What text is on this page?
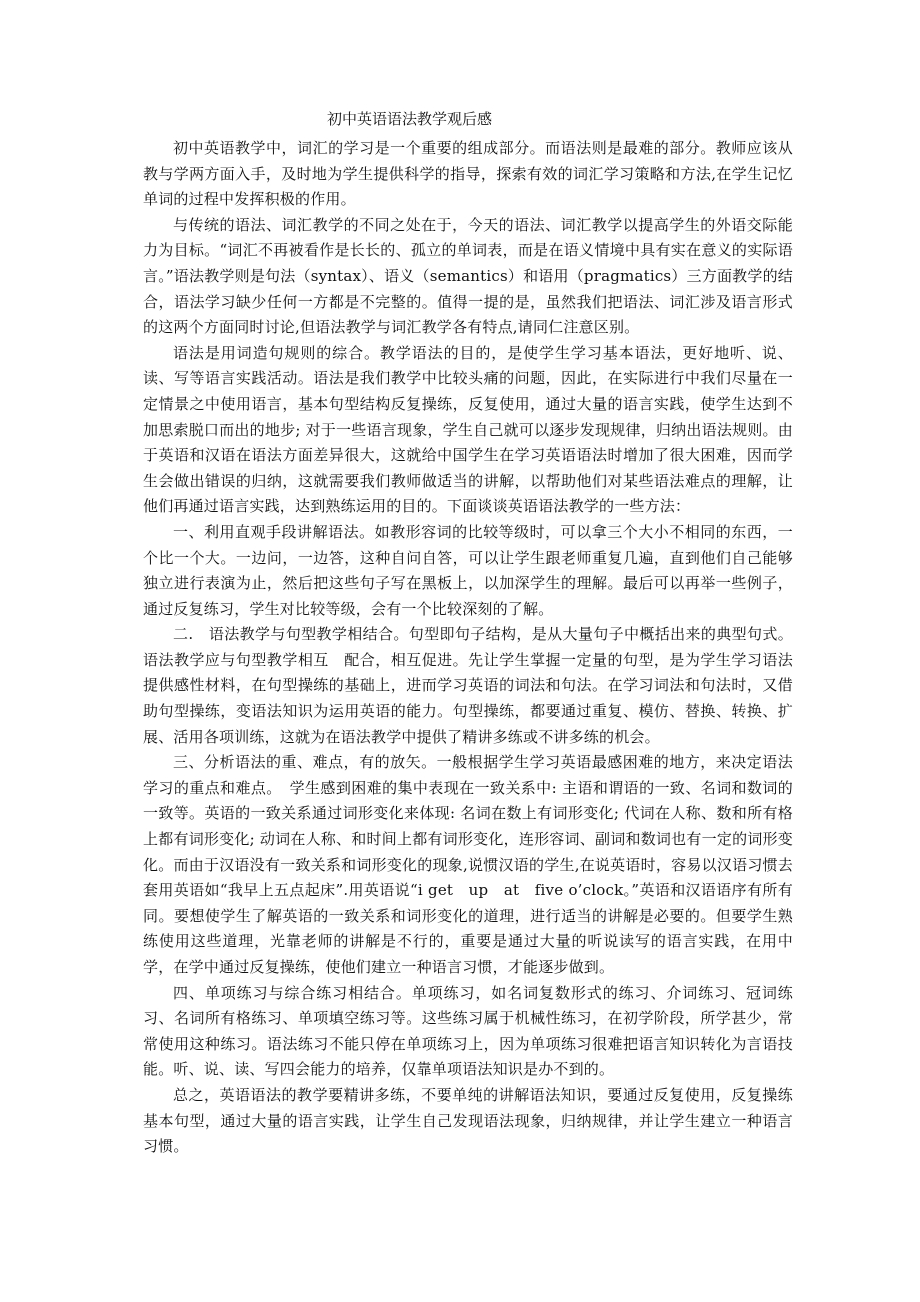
初中英语语法教学观后感

初中英语教学中，词汇的学习是一个重要的组成部分。而语法则是最难的部分。教师应该从教与学两方面入手，及时地为学生提供科学的指导，探索有效的词汇学习策略和方法,在学生记忆单词的过程中发挥积极的作用。

与传统的语法、词汇教学的不同之处在于，今天的语法、词汇教学以提高学生的外语交际能力为目标。“词汇不再被看作是长长的、孤立的单词表，而是在语义情境中具有实在意义的实际语言。”语法教学则是句法（syntax）、语义（semantics）和语用（pragmatics）三方面教学的结合，语法学习缺少任何一方都是不完整的。值得一提的是，虽然我们把语法、词汇涉及语言形式的这两个方面同时讨论,但语法教学与词汇教学各有特点,请同仁注意区别。

语法是用词造句规则的综合。教学语法的目的，是使学生学习基本语法，更好地听、说、读、写等语言实践活动。语法是我们教学中比较头痛的问题，因此，在实际进行中我们尽量在一定情景之中使用语言，基本句型结构反复操练，反复使用，通过大量的语言实践，使学生达到不加思索脱口而出的地步; 对于一些语言现象，学生自己就可以逐步发现规律，归纳出语法规则。由于英语和汉语在语法方面差异很大，这就给中国学生在学习英语语法时增加了很大困难，因而学生会做出错误的归纳，这就需要我们教师做适当的讲解，以帮助他们对某些语法难点的理解，让他们再通过语言实践，达到熟练运用的目的。下面谈谈英语语法教学的一些方法：

一、利用直观手段讲解语法。如教形容词的比较等级时，可以拿三个大小不相同的东西，一个比一个大。一边问，一边答，这种自问自答，可以让学生跟老师重复几遍，直到他们自己能够独立进行表演为止，然后把这些句子写在黑板上，以加深学生的理解。最后可以再举一些例子，通过反复练习，学生对比较等级，会有一个比较深刻的了解。

二.　语法教学与句型教学相结合。句型即句子结构，是从大量句子中概括出来的典型句式。语法教学应与句型教学相互　配合，相互促进。先让学生掌握一定量的句型，是为学生学习语法提供感性材料，在句型操练的基础上，进而学习英语的词法和句法。在学习词法和句法时，又借助句型操练，变语法知识为运用英语的能力。句型操练，都要通过重复、模仿、替换、转换、扩展、活用各项训练，这就为在语法教学中提供了精讲多练或不讲多练的机会。

三、分析语法的重、难点，有的放矢。一般根据学生学习英语最感困难的地方，来决定语法学习的重点和难点。　学生感到困难的集中表现在一致关系中: 主语和谓语的一致、名词和数词的一致等。英语的一致关系通过词形变化来体现: 名词在数上有词形变化; 代词在人称、数和所有格上都有词形变化; 动词在人称、和时间上都有词形变化，连形容词、副词和数词也有一定的词形变化。而由于汉语没有一致关系和词形变化的现象,说惯汉语的学生,在说英语时，容易以汉语习惯去套用英语如“我早上五点起床”.用英语说“i get　up　at　five o’clock。”英语和汉语语序有所有同。要想使学生了解英语的一致关系和词形变化的道理，进行适当的讲解是必要的。但要学生熟练使用这些道理，光靠老师的讲解是不行的，重要是通过大量的听说读写的语言实践，在用中学，在学中通过反复操练，使他们建立一种语言习惯，才能逐步做到。

四、单项练习与综合练习相结合。单项练习，如名词复数形式的练习、介词练习、冠词练习、名词所有格练习、单项填空练习等。这些练习属于机械性练习，在初学阶段，所学甚少，常常使用这种练习。语法练习不能只停在单项练习上，因为单项练习很难把语言知识转化为言语技能。听、说、读、写四会能力的培养，仅靠单项语法知识是办不到的。

总之，英语语法的教学要精讲多练，不要单纯的讲解语法知识，要通过反复使用，反复操练基本句型，通过大量的语言实践，让学生自己发现语法现象，归纳规律，并让学生建立一种语言习惯。
